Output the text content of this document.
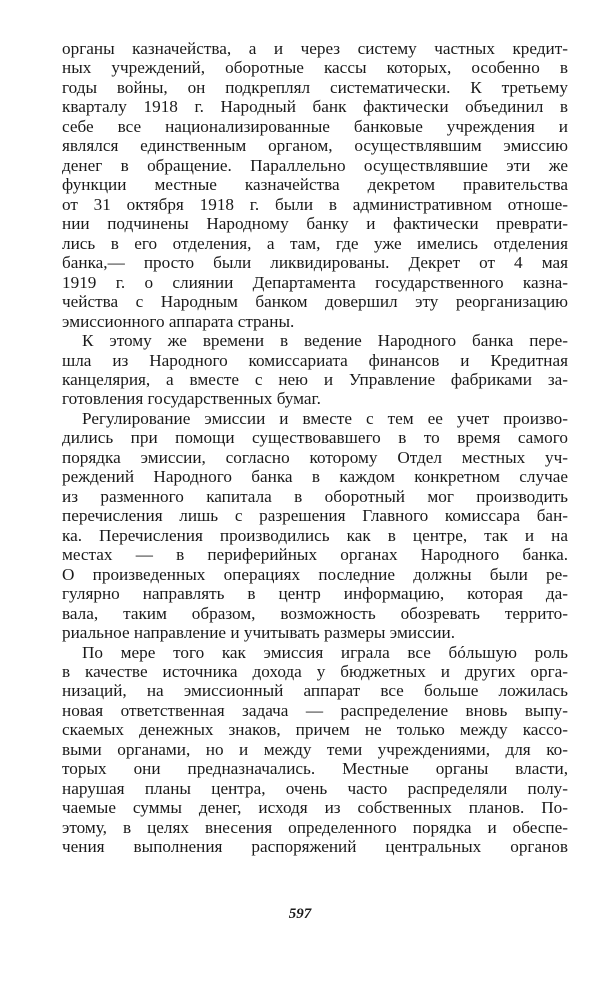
органы казначейства, а и через систему частных кредит-
ных учреждений, оборотные кассы которых, особенно в
годы войны, он подкреплял систематически. К третьему
кварталу 1918 г. Народный банк фактически объединил в
себе все национализированные банковые учреждения и
являлся единственным органом, осуществлявшим эмиссию
денег в обращение. Параллельно осуществлявшие эти же
функции местные казначейства декретом правительства
от 31 октября 1918 г. были в административном отноше-
нии подчинены Народному банку и фактически преврати-
лись в его отделения, а там, где уже имелись отделения
банка,— просто были ликвидированы. Декрет от 4 мая
1919 г. о слиянии Департамента государственного казна-
чейства с Народным банком довершил эту реорганизацию
эмиссионного аппарата страны.
К этому же времени в ведение Народного банка пере-
шла из Народного комиссариата финансов и Кредитная
канцелярия, а вместе с нею и Управление фабриками за-
готовления государственных бумаг.
Регулирование эмиссии и вместе с тем ее учет произво-
дились при помощи существовавшего в то время самого
порядка эмиссии, согласно которому Отдел местных уч-
реждений Народного банка в каждом конкретном случае
из разменного капитала в оборотный мог производить
перечисления лишь с разрешения Главного комиссара бан-
ка. Перечисления производились как в центре, так и на
местах — в периферийных органах Народного банка.
О произведенных операциях последние должны были ре-
гулярно направлять в центр информацию, которая да-
вала, таким образом, возможность обозревать террито-
риальное направление и учитывать размеры эмиссии.
По мере того как эмиссия играла все бóльшую роль
в качестве источника дохода у бюджетных и других орга-
низаций, на эмиссионный аппарат все больше ложилась
новая ответственная задача — распределение вновь выпу-
скаемых денежных знаков, причем не только между кассо-
выми органами, но и между теми учреждениями, для ко-
торых они предназначались. Местные органы власти,
нарушая планы центра, очень часто распределяли полу-
чаемые суммы денег, исходя из собственных планов. По-
этому, в целях внесения определенного порядка и обеспе-
чения выполнения распоряжений центральных органов
597
